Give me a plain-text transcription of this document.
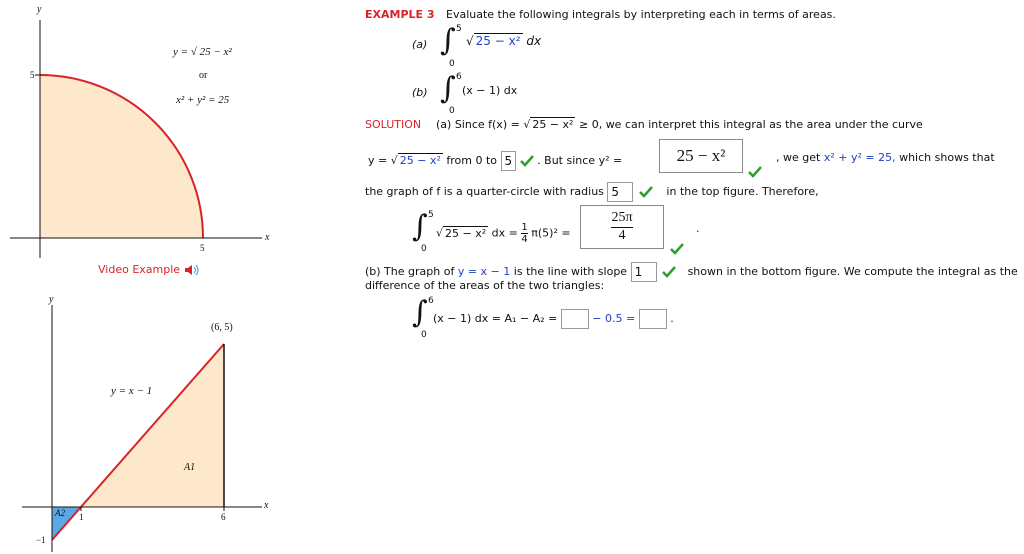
y
x
5
5
y = √ 25 − x²
or
x² + y² = 25
Video Example
y
x
(6, 5)
y = x − 1
A1
A2 1	6
−1
EXAMPLE 3 Evaluate the following integrals by interpreting each in terms of areas.
(a) ∫ 5
0
√ 25 − x² dx
(b) ∫ 6
0
(x − 1) dx
SOLUTION (a) Since f(x) = √ 25 − x² ≥ 0, we can interpret this integral as the area under the curve
y = √ 25 − x² from 0 to 5 . But since y² =	25 − x²	, we get x² + y² = 25, which shows that
the graph of f is a quarter-circle with radius 5	in the top figure. Therefore,
∫ 5
0
√ 25 − x² dx = $\frac{1}{4} \pi(5)^2$ =
25π
4	.
(b) The graph of y = x − 1 is the line with slope 1	shown in the bottom figure. We compute the integral as the
difference of the areas of the two triangles:
∫ 6
0
(x − 1) dx = A₁ − A₂ =	− 0.5 =	.
